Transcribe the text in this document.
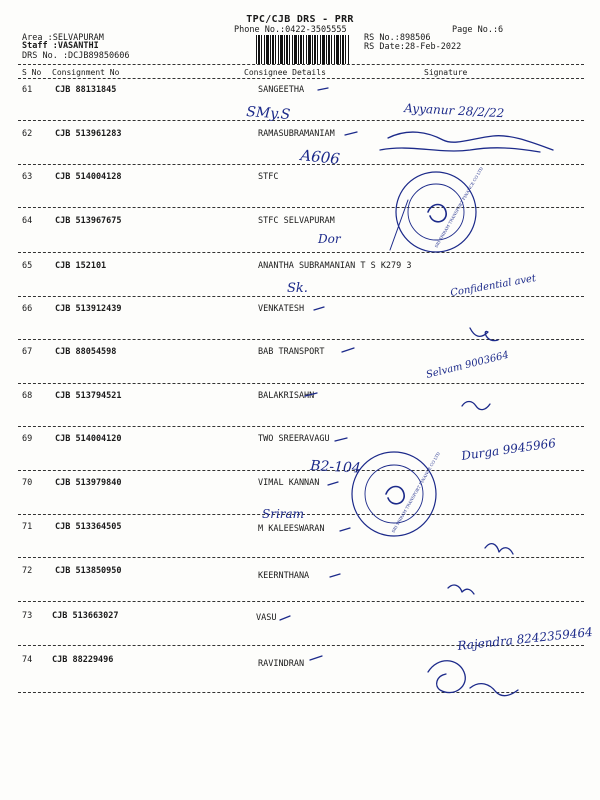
TPC/CJB DRS - PRR
Phone No.:0422-3505555	Page No.:6
Area :SELVAPURAM
Staff :VASANTHI
DRS No. :DCJB89850606
RS No.:898506
RS Date:28-Feb-2022
S No Consignment No	Consignee Details	Signature
61	CJB 88131845	SANGEETHA
62	CJB 513961283	RAMASUBRAMANIAM
63	CJB 514004128	STFC
64	CJB 513967675	STFC SELVAPURAM
65	CJB 152101	ANANTHA SUBRAMANIAN T S K279 3
66	CJB 513912439	VENKATESH
67	CJB 88054598	BAB TRANSPORT
68	CJB 513794521	BALAKRISAHN
69	CJB 514004120	TWO SREERAVAGU
70	CJB 513979840	VIMAL KANNAN
71	CJB 513364505	M KALEESWARAN
72	CJB 513850950	KEERNTHANA
73 CJB 513663027	VASU
74 CJB 88229496	RAVINDRAN
SMy.S
A606
Dor
Sk.
B2-104
Sriram
Ayyanur 28/2/22
Confidential avet
Selvam 9003664
Durga 9945966
Rajendra 8242359464
SRI SRIRAM TRANSPORT FINANCE CO LTD
SRI SRIRAM TRANSPORT FINANCE CO LTD
